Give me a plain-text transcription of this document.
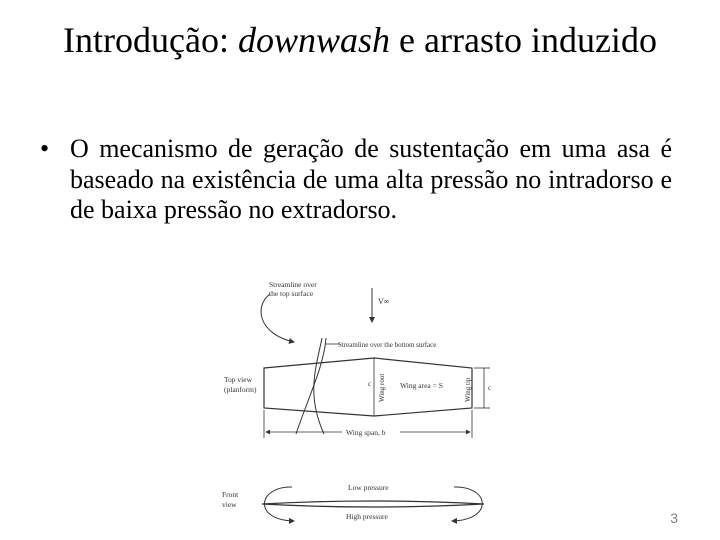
Introdução: downwash e arrasto induzido
• O mecanismo de geração de sustentação em uma asa é baseado na existência de uma alta pressão no intradorso e de baixa pressão no extradorso.
Streamline over
the top surface
V∞
Streamline over the bottom surface
Top view
(planform)	Wing root Wing area = S	Wing tip
c	c
Wing span, b
Front
view
Low pressure
High pressure	3
